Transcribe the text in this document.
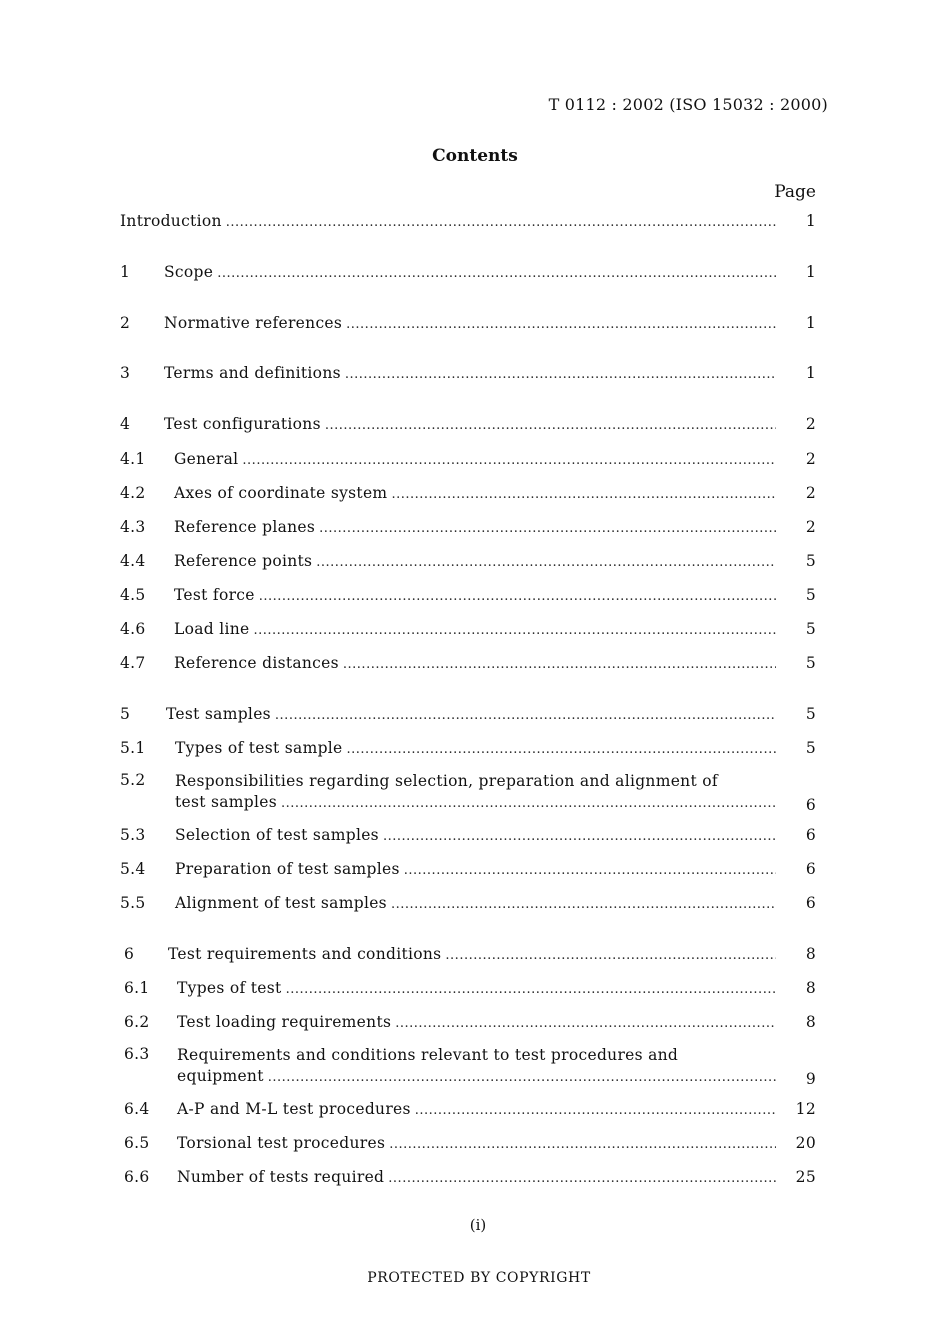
T 0112 : 2002 (ISO 15032 : 2000)
Contents
Page
Introduction .....	1
1 Scope .....	1
2 Normative references .....	1
3 Terms and definitions .....	1
4 Test configurations .....	2
4.1 General .....	2
4.2 Axes of coordinate system .....	2
4.3 Reference planes .....	2
4.4 Reference points .....	5
4.5 Test force .....	5
4.6 Load line .....	5
4.7 Reference distances .....	5
5 Test samples .....	5
5.1 Types of test sample .....	5
5.2 Responsibilities regarding selection, preparation and alignment of
test samples .....	6
5.3 Selection of test samples .....	6
5.4 Preparation of test samples .....	6
5.5 Alignment of test samples .....	6
6 Test requirements and conditions .....	8
6.1 Types of test .....	8
6.2 Test loading requirements .....	8
6.3 Requirements and conditions relevant to test procedures and
equipment .....	9
6.4 A-P and M-L test procedures .....	12
6.5 Torsional test procedures .....	20
6.6 Number of tests required .....	25
(i)
PROTECTED BY COPYRIGHT
